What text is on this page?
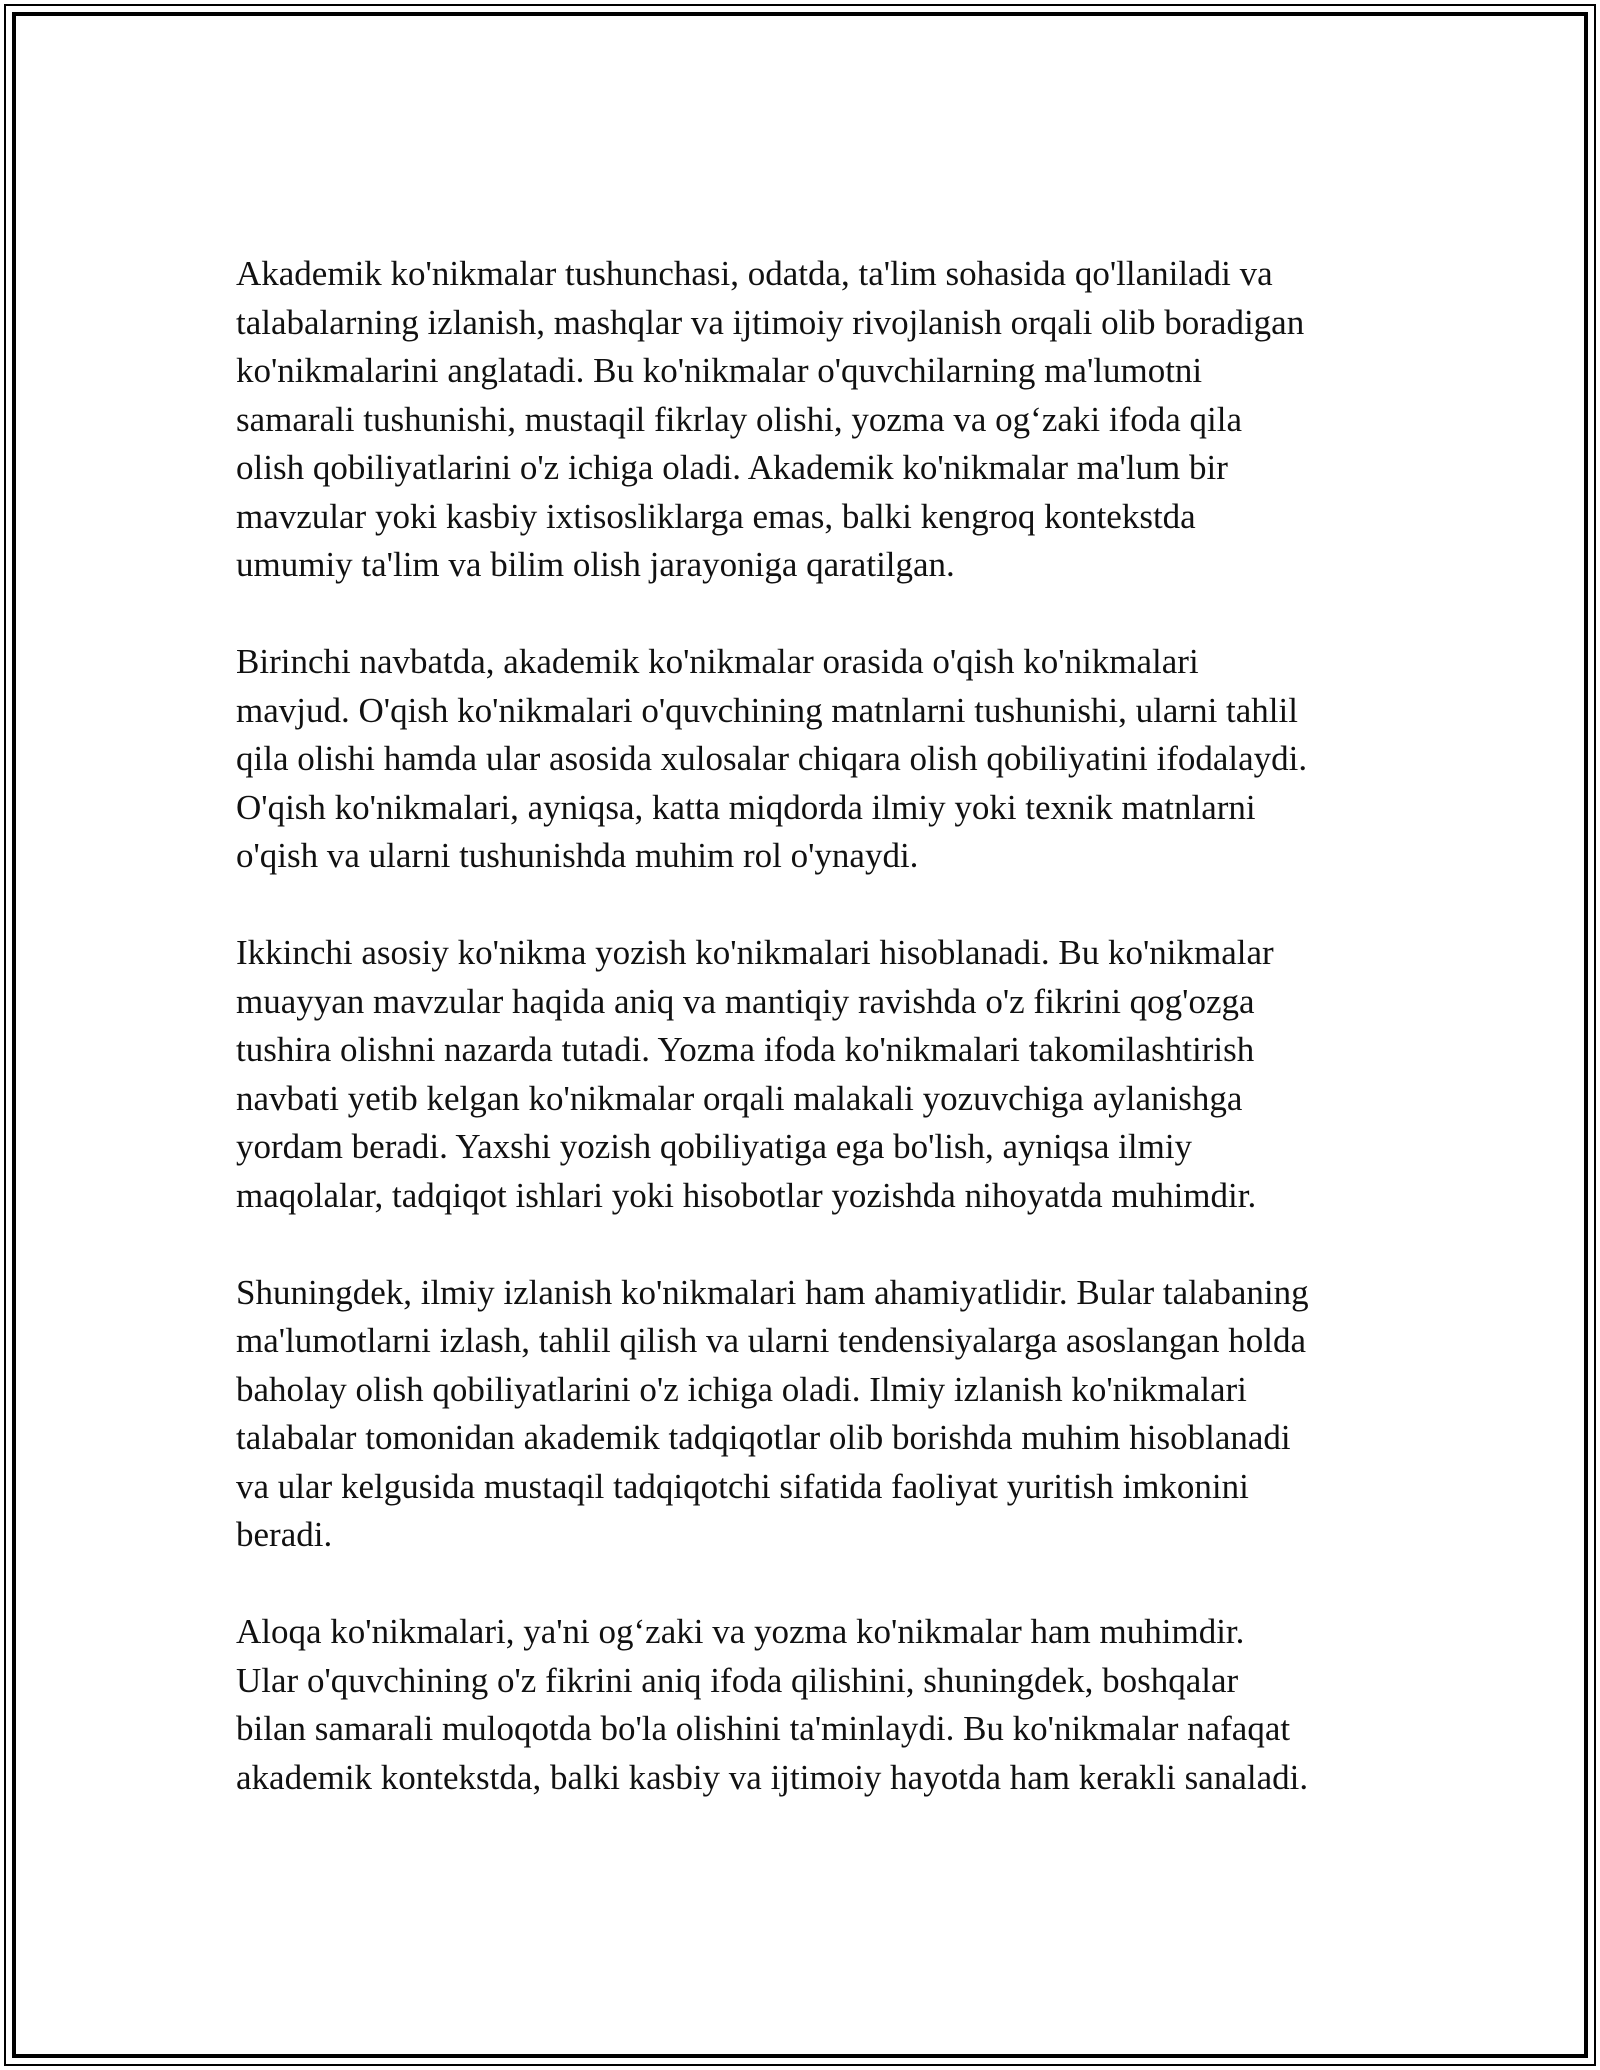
Akademik ko'nikmalar tushunchasi, odatda, ta'lim sohasida qo'llaniladi va
talabalarning izlanish, mashqlar va ijtimoiy rivojlanish orqali olib boradigan
ko'nikmalarini anglatadi. Bu ko'nikmalar o'quvchilarning ma'lumotni
samarali tushunishi, mustaqil fikrlay olishi, yozma va og‘zaki ifoda qila
olish qobiliyatlarini o'z ichiga oladi. Akademik ko'nikmalar ma'lum bir
mavzular yoki kasbiy ixtisosliklarga emas, balki kengroq kontekstda
umumiy ta'lim va bilim olish jarayoniga qaratilgan.

Birinchi navbatda, akademik ko'nikmalar orasida o'qish ko'nikmalari
mavjud. O'qish ko'nikmalari o'quvchining matnlarni tushunishi, ularni tahlil
qila olishi hamda ular asosida xulosalar chiqara olish qobiliyatini ifodalaydi.
O'qish ko'nikmalari, ayniqsa, katta miqdorda ilmiy yoki texnik matnlarni
o'qish va ularni tushunishda muhim rol o'ynaydi.

Ikkinchi asosiy ko'nikma yozish ko'nikmalari hisoblanadi. Bu ko'nikmalar
muayyan mavzular haqida aniq va mantiqiy ravishda o'z fikrini qog'ozga
tushira olishni nazarda tutadi. Yozma ifoda ko'nikmalari takomilashtirish
navbati yetib kelgan ko'nikmalar orqali malakali yozuvchiga aylanishga
yordam beradi. Yaxshi yozish qobiliyatiga ega bo'lish, ayniqsa ilmiy
maqolalar, tadqiqot ishlari yoki hisobotlar yozishda nihoyatda muhimdir.

Shuningdek, ilmiy izlanish ko'nikmalari ham ahamiyatlidir. Bular talabaning
ma'lumotlarni izlash, tahlil qilish va ularni tendensiyalarga asoslangan holda
baholay olish qobiliyatlarini o'z ichiga oladi. Ilmiy izlanish ko'nikmalari
talabalar tomonidan akademik tadqiqotlar olib borishda muhim hisoblanadi
va ular kelgusida mustaqil tadqiqotchi sifatida faoliyat yuritish imkonini
beradi.

Aloqa ko'nikmalari, ya'ni og‘zaki va yozma ko'nikmalar ham muhimdir.
Ular o'quvchining o'z fikrini aniq ifoda qilishini, shuningdek, boshqalar
bilan samarali muloqotda bo'la olishini ta'minlaydi. Bu ko'nikmalar nafaqat
akademik kontekstda, balki kasbiy va ijtimoiy hayotda ham kerakli sanaladi.
